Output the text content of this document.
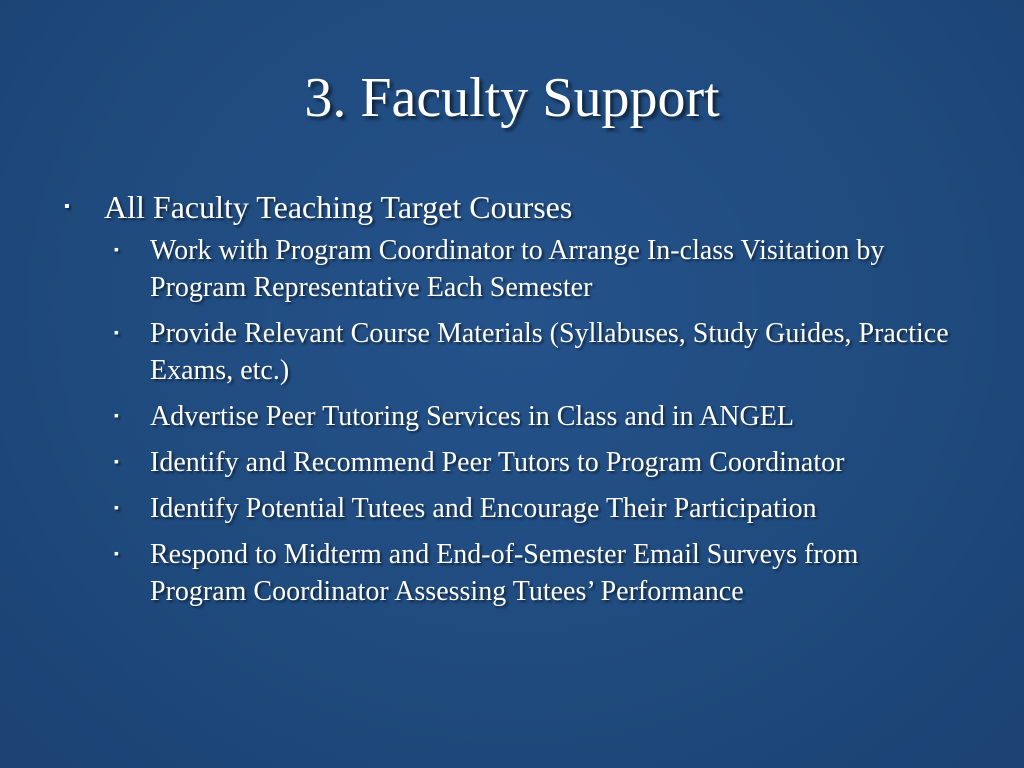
3. Faculty Support
▪	All Faculty Teaching Target Courses
▪	Work with Program Coordinator to Arrange In-class Visitation by Program Representative Each Semester
▪	Provide Relevant Course Materials (Syllabuses, Study Guides, Practice Exams, etc.)
▪	Advertise Peer Tutoring Services in Class and in ANGEL
▪	Identify and Recommend Peer Tutors to Program Coordinator
▪	Identify Potential Tutees and Encourage Their Participation
▪	Respond to Midterm and End-of-Semester Email Surveys from Program Coordinator Assessing Tutees’ Performance
